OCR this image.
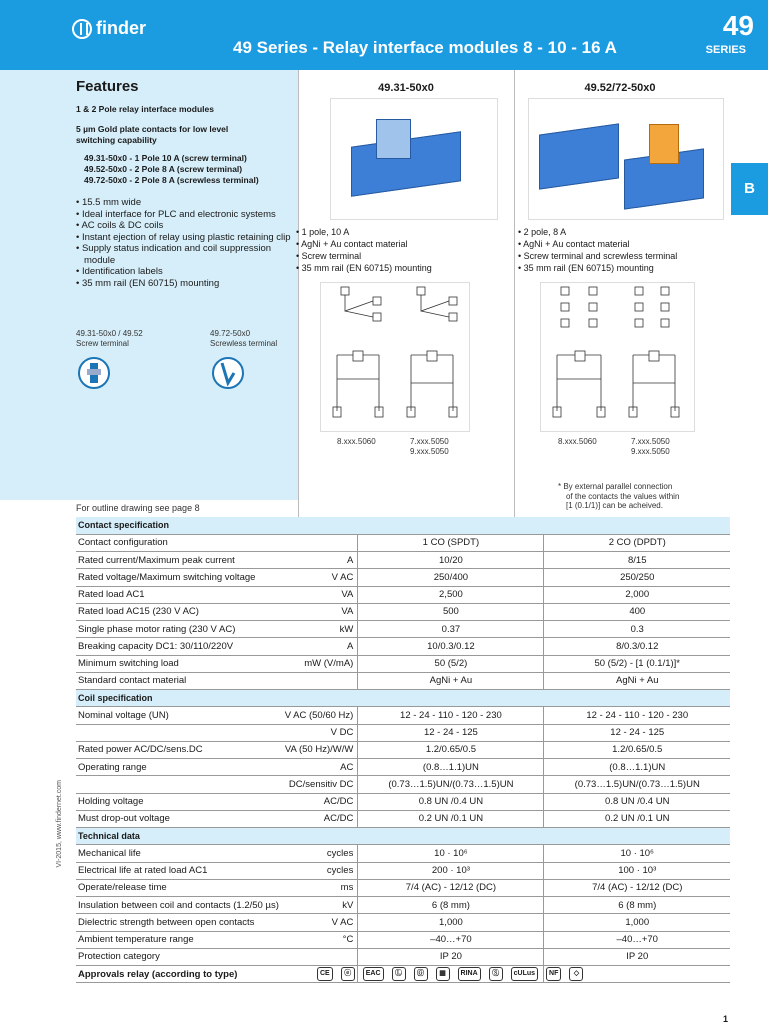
finder
49 Series - Relay interface modules 8 - 10 - 16 A
49
SERIES
B
Features
1 & 2 Pole relay interface modules
5 µm Gold plate contacts for low level
switching capability
49.31-50x0 - 1 Pole 10 A (screw terminal)
49.52-50x0 - 2 Pole 8 A (screw terminal)
49.72-50x0 - 2 Pole 8 A (screwless terminal)
• 15.5 mm wide
• Ideal interface for PLC and electronic systems
• AC coils & DC coils
• Instant ejection of relay using plastic retaining clip
• Supply status indication and coil suppression module
• Identification labels
• 35 mm rail (EN 60715) mounting
49.31-50x0 / 49.52
Screw terminal
49.72-50x0
Screwless terminal
49.31-50x0	49.52/72-50x0
• 1 pole, 10 A
• AgNi + Au contact material
• Screw terminal
• 35 mm rail (EN 60715) mounting
• 2 pole, 8 A
• AgNi + Au contact material
• Screw terminal and screwless terminal
• 35 mm rail (EN 60715) mounting
8.xxx.5060	7.xxx.5050
9.xxx.5050
8.xxx.5060	7.xxx.5050
9.xxx.5050
* By external parallel connection
of the contacts the values within
[1 (0.1/1)] can be acheived.
For outline drawing see page 8
Contact specification			
Contact configuration		1 CO (SPDT)	2 CO (DPDT)
Rated current/Maximum peak current	A	10/20	8/15
Rated voltage/Maximum switching voltage	V AC	250/400	250/250
Rated load AC1	VA	2,500	2,000
Rated load AC15 (230 V AC)	VA	500	400
Single phase motor rating (230 V AC)	kW	0.37	0.3
Breaking capacity DC1: 30/110/220V	A	10/0.3/0.12	8/0.3/0.12
Minimum switching load	mW (V/mA)	50 (5/2)	50 (5/2) - [1 (0.1/1)]*
Standard contact material		AgNi + Au	AgNi + Au
Coil specification			
Nominal voltage (UN)	V AC (50/60 Hz)	12 - 24 - 110 - 120 - 230	12 - 24 - 110 - 120 - 230
	V DC	12 - 24 - 125	12 - 24 - 125
Rated power AC/DC/sens.DC	VA (50 Hz)/W/W	1.2/0.65/0.5	1.2/0.65/0.5
Operating range	AC	(0.8…1.1)UN	(0.8…1.1)UN
	DC/sensitiv DC	(0.73…1.5)UN/(0.73…1.5)UN	(0.73…1.5)UN/(0.73…1.5)UN
Holding voltage	AC/DC	0.8 UN /0.4 UN	0.8 UN /0.4 UN
Must drop-out voltage	AC/DC	0.2 UN /0.1 UN	0.2 UN /0.1 UN
Technical data			
Mechanical life	cycles	10 · 10⁶	10 · 10⁶
Electrical life at rated load AC1	cycles	200 · 10³	100 · 10³
Operate/release time	ms	7/4 (AC) - 12/12 (DC)	7/4 (AC) - 12/12 (DC)
Insulation between coil and contacts (1.2/50 µs)	kV	6 (8 mm)	6 (8 mm)
Dielectric strength between open contacts	V AC	1,000	1,000
Ambient temperature range	°C	–40…+70	–40…+70
Protection category		IP 20	IP 20
Approvals relay (according to type)				CE	ⓔ	EAC	Ⓛ	Ⓖ	▦	RINA	Ⓢ	cULus	NF	◇
VI-2015, www.findernet.com
1
